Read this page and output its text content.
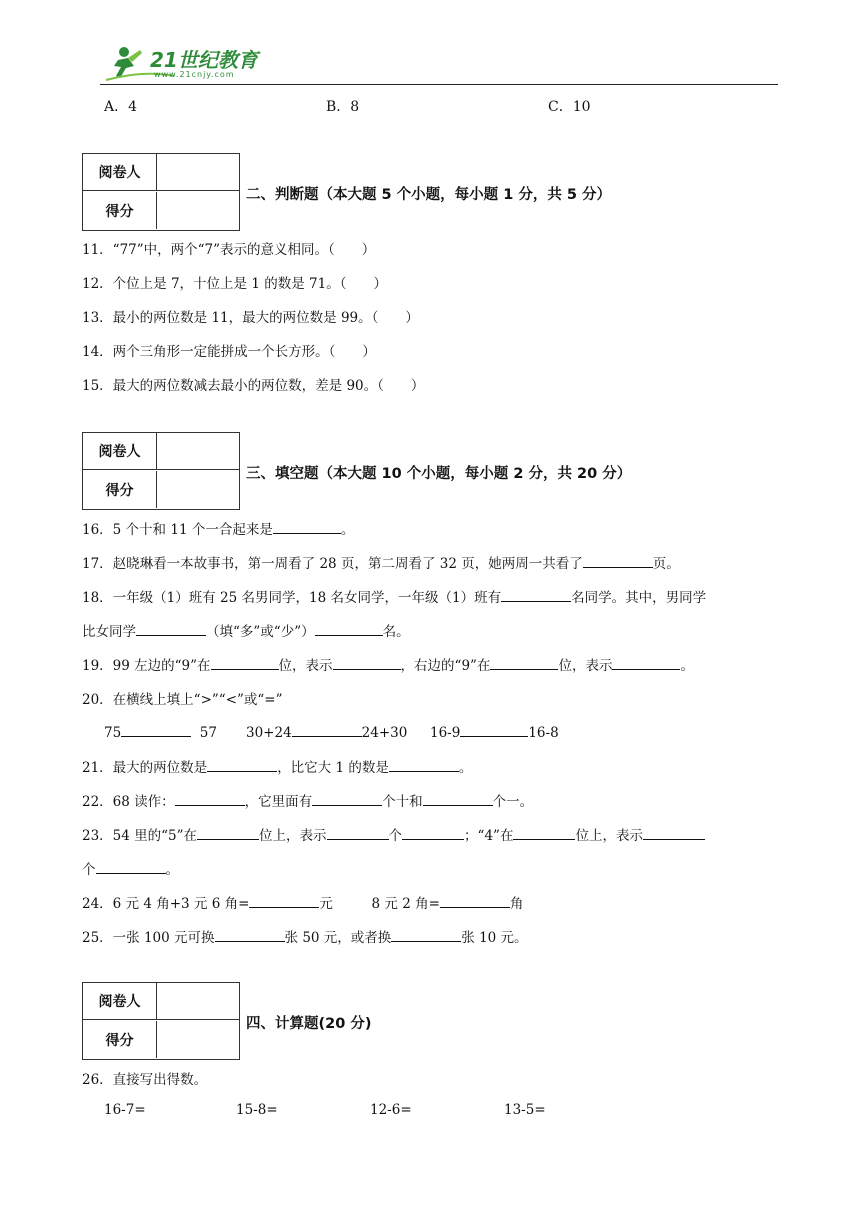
21世纪教育
www.21cnjy.com
A．4	B．8	C．10
阅卷人
得分
二、判断题（本大题 5 个小题，每小题 1 分，共 5 分）
11．“77”中，两个“7”表示的意义相同。（　　）
12．个位上是 7，十位上是 1 的数是 71。（　　）
13．最小的两位数是 11，最大的两位数是 99。（　　）
14．两个三角形一定能拼成一个长方形。（　　）
15．最大的两位数减去最小的两位数，差是 90。（　　）
阅卷人
得分
三、填空题（本大题 10 个小题，每小题 2 分，共 20 分）
16．5 个十和 11 个一合起来是	。
17．赵晓琳看一本故事书，第一周看了 28 页，第二周看了 32 页，她两周一共看了	页。
18．一年级（1）班有 25 名男同学，18 名女同学，一年级（1）班有	名同学。其中，男同学
比女同学	（填“多”或“少”）	名。
19．99 左边的“9”在	位，表示	，右边的“9”在	位，表示	。
20．在横线上填上“>”“<”或“=”
75	57 30+24	24+30 16-9	16-8
21．最大的两位数是	，比它大 1 的数是	。
22．68 读作：	，它里面有	个十和	个一。
23．54 里的“5”在	位上，表示	个	；“4”在	位上，表示
个	。
24．6 元 4 角+3 元 6 角=	元	8 元 2 角=	角
25．一张 100 元可换	张 50 元，或者换	张 10 元。
阅卷人
得分
四、计算题(20 分)
26．直接写出得数。
16-7=	15-8=	12-6=	13-5=
